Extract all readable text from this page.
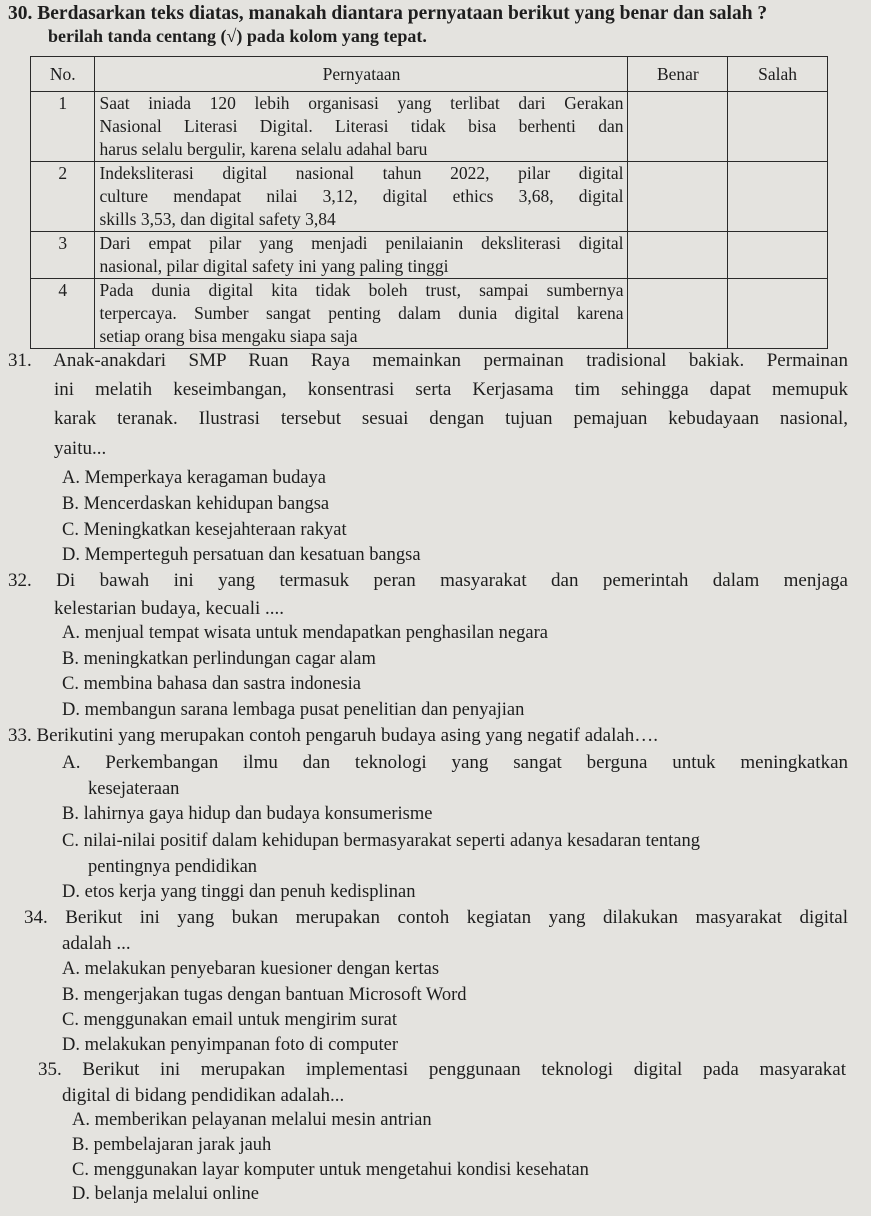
30. Berdasarkan teks diatas, manakah diantara pernyataan berikut yang benar dan salah ?
berilah tanda centang (√) pada kolom yang tepat.
No.	Pernyataan	Benar	Salah
1	Saat iniada 120 lebih organisasi yang terlibat dari Gerakan
Nasional Literasi Digital. Literasi tidak bisa berhenti dan
harus selalu bergulir, karena selalu adahal baru		

2	Indeksliterasi digital nasional tahun 2022, pilar digital
culture mendapat nilai 3,12, digital ethics 3,68, digital
skills 3,53, dan digital safety 3,84		

3	Dari empat pilar yang menjadi penilaianin deksliterasi digital
nasional, pilar digital safety ini yang paling tinggi		

4	Pada dunia digital kita tidak boleh trust, sampai sumbernya
terpercaya. Sumber sangat penting dalam dunia digital karena
setiap orang bisa mengaku siapa saja		

31. Anak-anakdari SMP Ruan Raya memainkan permainan tradisional bakiak. Permainan
ini melatih keseimbangan, konsentrasi serta Kerjasama tim sehingga dapat memupuk
karak teranak. Ilustrasi tersebut sesuai dengan tujuan pemajuan kebudayaan nasional,
yaitu...
A. Memperkaya keragaman budaya
B. Mencerdaskan kehidupan bangsa
C. Meningkatkan kesejahteraan rakyat
D. Memperteguh persatuan dan kesatuan bangsa
32. Di bawah ini yang termasuk peran masyarakat dan pemerintah dalam menjaga
kelestarian budaya, kecuali ....
A. menjual tempat wisata untuk mendapatkan penghasilan negara
B. meningkatkan perlindungan cagar alam
C. membina bahasa dan sastra indonesia
D. membangun sarana lembaga pusat penelitian dan penyajian
33. Berikutini yang merupakan contoh pengaruh budaya asing yang negatif adalah….
A. Perkembangan ilmu dan teknologi yang sangat berguna untuk meningkatkan
kesejateraan
B. lahirnya gaya hidup dan budaya konsumerisme
C. nilai-nilai positif dalam kehidupan bermasyarakat seperti adanya kesadaran tentang
pentingnya pendidikan
D. etos kerja yang tinggi dan penuh kedisplinan
34. Berikut ini yang bukan merupakan contoh kegiatan yang dilakukan masyarakat digital
adalah ...
A. melakukan penyebaran kuesioner dengan kertas
B. mengerjakan tugas dengan bantuan Microsoft Word
C. menggunakan email untuk mengirim surat
D. melakukan penyimpanan foto di computer
35. Berikut ini merupakan implementasi penggunaan teknologi digital pada masyarakat
digital di bidang pendidikan adalah...
A. memberikan pelayanan melalui mesin antrian
B. pembelajaran jarak jauh
C. menggunakan layar komputer untuk mengetahui kondisi kesehatan
D. belanja melalui online
